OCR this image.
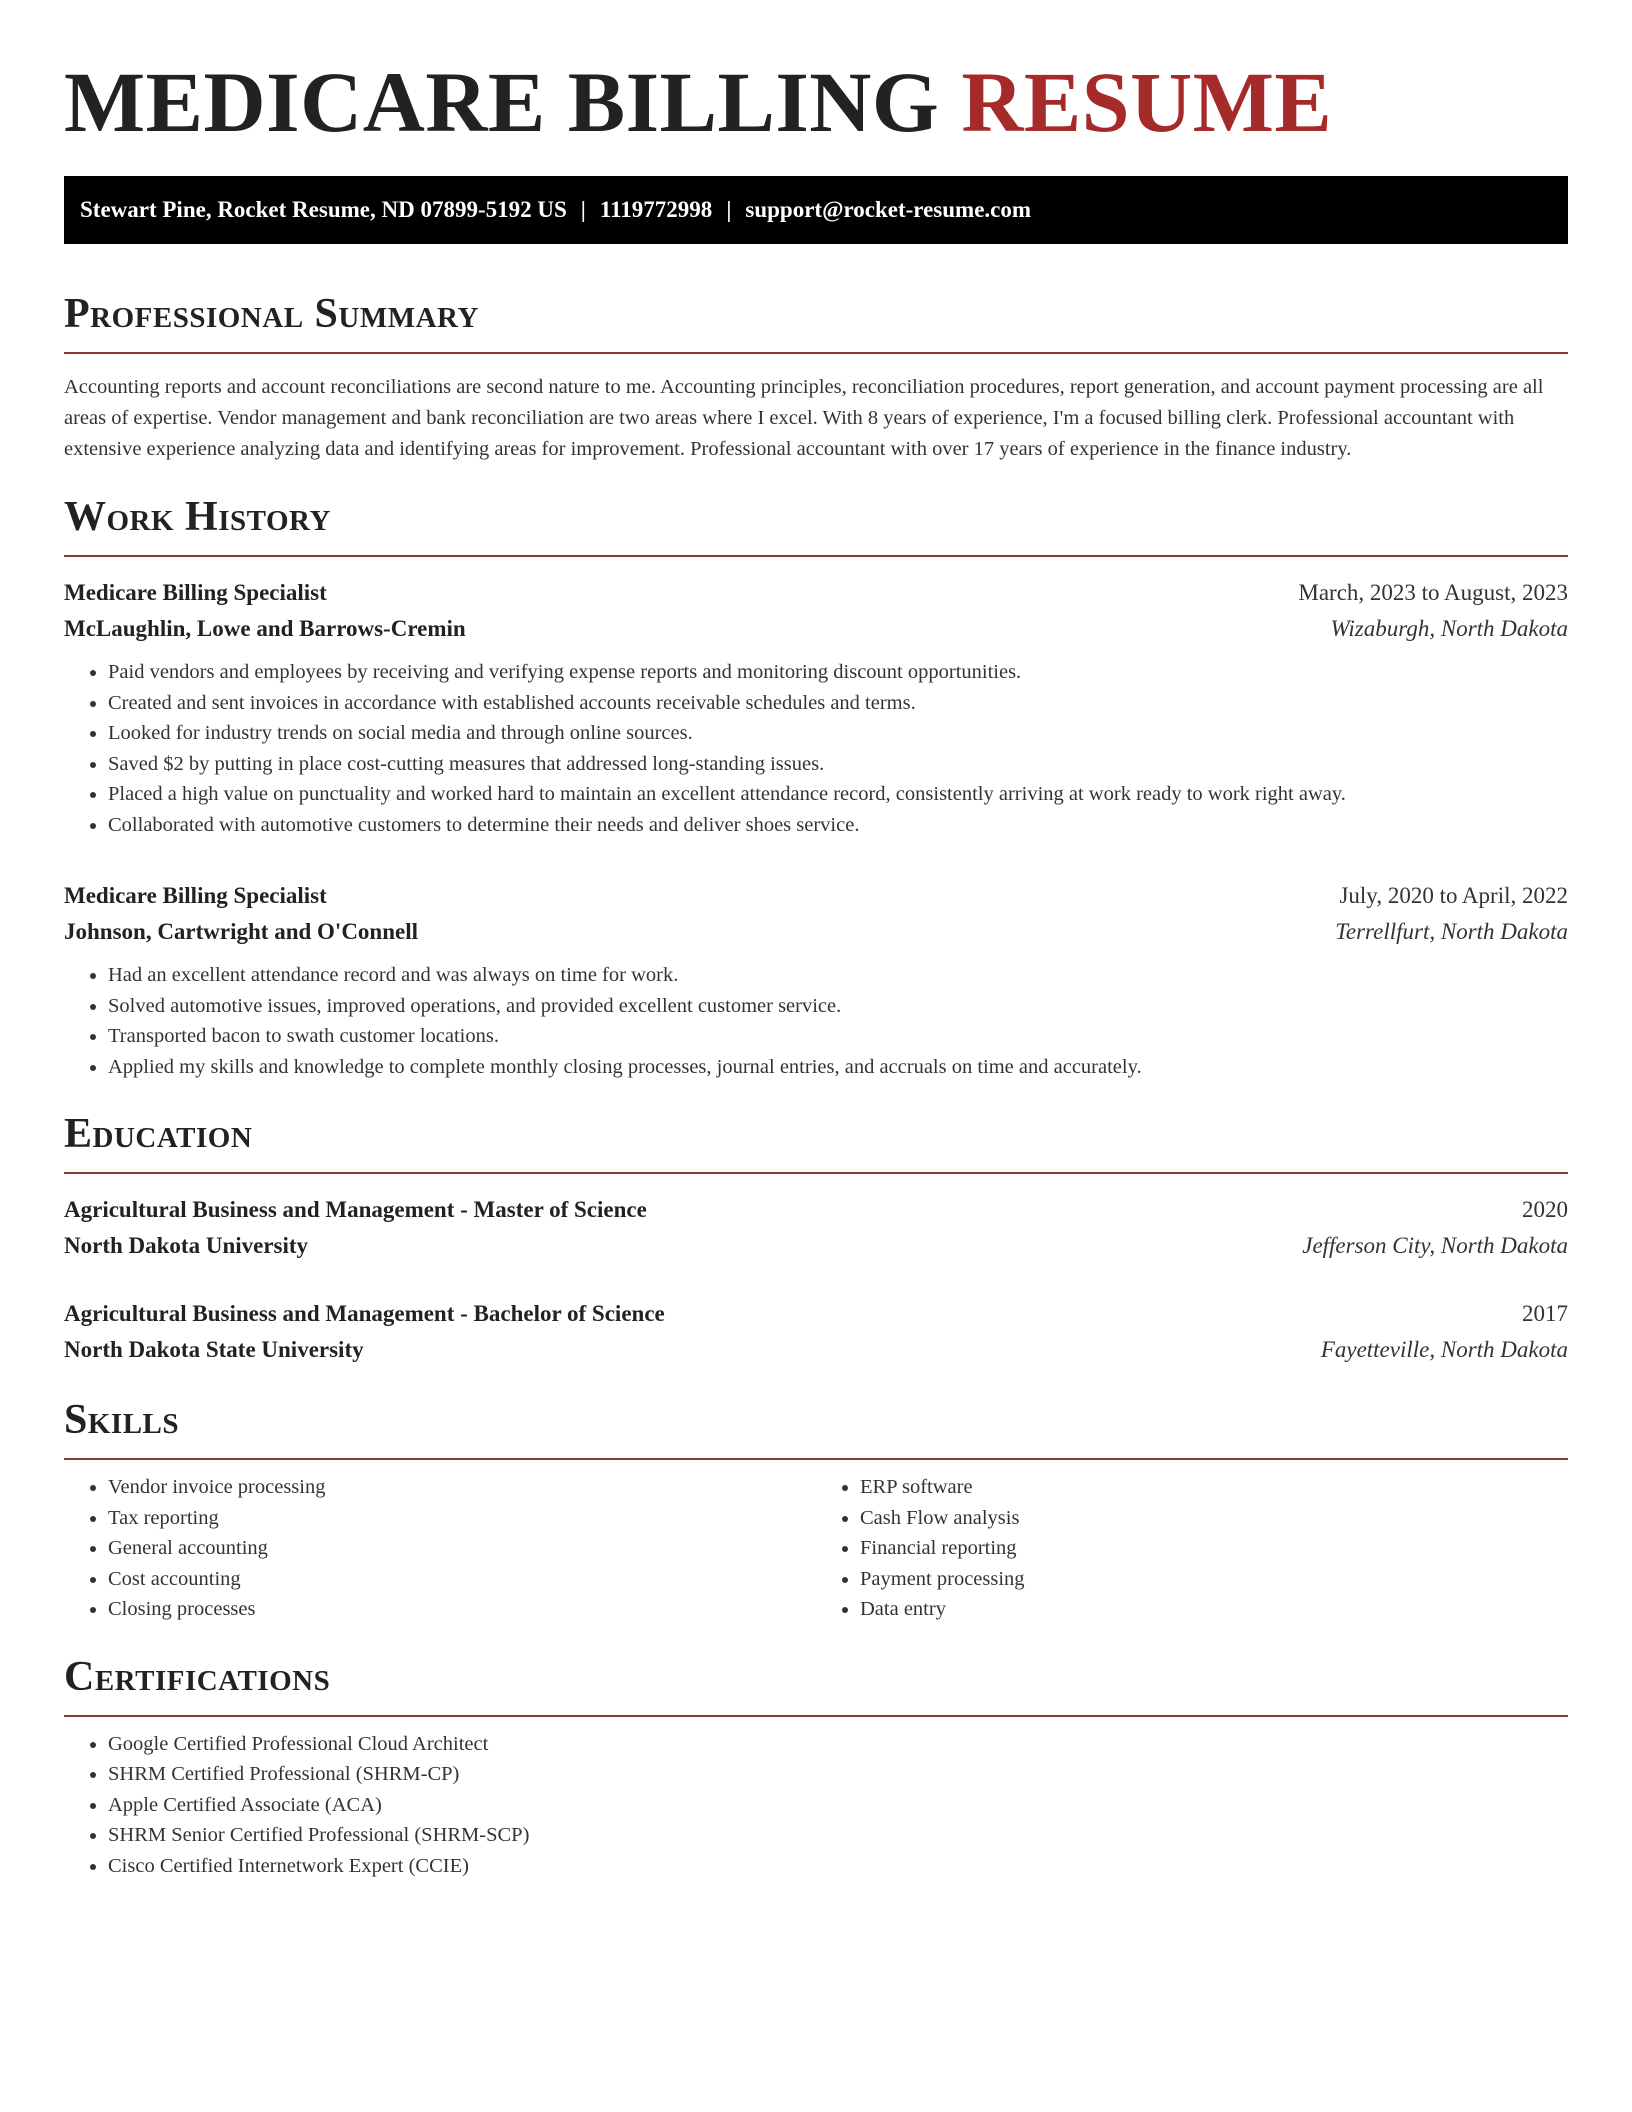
MEDICARE BILLING RESUME
Stewart Pine, Rocket Resume, ND 07899-5192 US | 1119772998 | support@rocket-resume.com
Professional Summary

Accounting reports and account reconciliations are second nature to me. Accounting principles, reconciliation procedures, report generation, and account payment processing are all areas of expertise. Vendor management and bank reconciliation are two areas where I excel. With 8 years of experience, I'm a focused billing clerk. Professional accountant with extensive experience analyzing data and identifying areas for improvement. Professional accountant with over 17 years of experience in the finance industry.

Work History
Medicare Billing Specialist	March, 2023 to August, 2023
McLaughlin, Lowe and Barrows-Cremin	Wizaburgh, North Dakota
• Paid vendors and employees by receiving and verifying expense reports and monitoring discount opportunities.
• Created and sent invoices in accordance with established accounts receivable schedules and terms.
• Looked for industry trends on social media and through online sources.
• Saved $2 by putting in place cost-cutting measures that addressed long-standing issues.
• Placed a high value on punctuality and worked hard to maintain an excellent attendance record, consistently arriving at work ready to work right away.
• Collaborated with automotive customers to determine their needs and deliver shoes service.
Medicare Billing Specialist	July, 2020 to April, 2022
Johnson, Cartwright and O'Connell	Terrellfurt, North Dakota
• Had an excellent attendance record and was always on time for work.
• Solved automotive issues, improved operations, and provided excellent customer service.
• Transported bacon to swath customer locations.
• Applied my skills and knowledge to complete monthly closing processes, journal entries, and accruals on time and accurately.
Education
Agricultural Business and Management - Master of Science	2020
North Dakota University	Jefferson City, North Dakota
Agricultural Business and Management - Bachelor of Science	2017
North Dakota State University	Fayetteville, North Dakota
Skills
• Vendor invoice processing
• Tax reporting
• General accounting
• Cost accounting
• Closing processes
• ERP software
• Cash Flow analysis
• Financial reporting
• Payment processing
• Data entry
Certifications
• Google Certified Professional Cloud Architect
• SHRM Certified Professional (SHRM-CP)
• Apple Certified Associate (ACA)
• SHRM Senior Certified Professional (SHRM-SCP)
• Cisco Certified Internetwork Expert (CCIE)
